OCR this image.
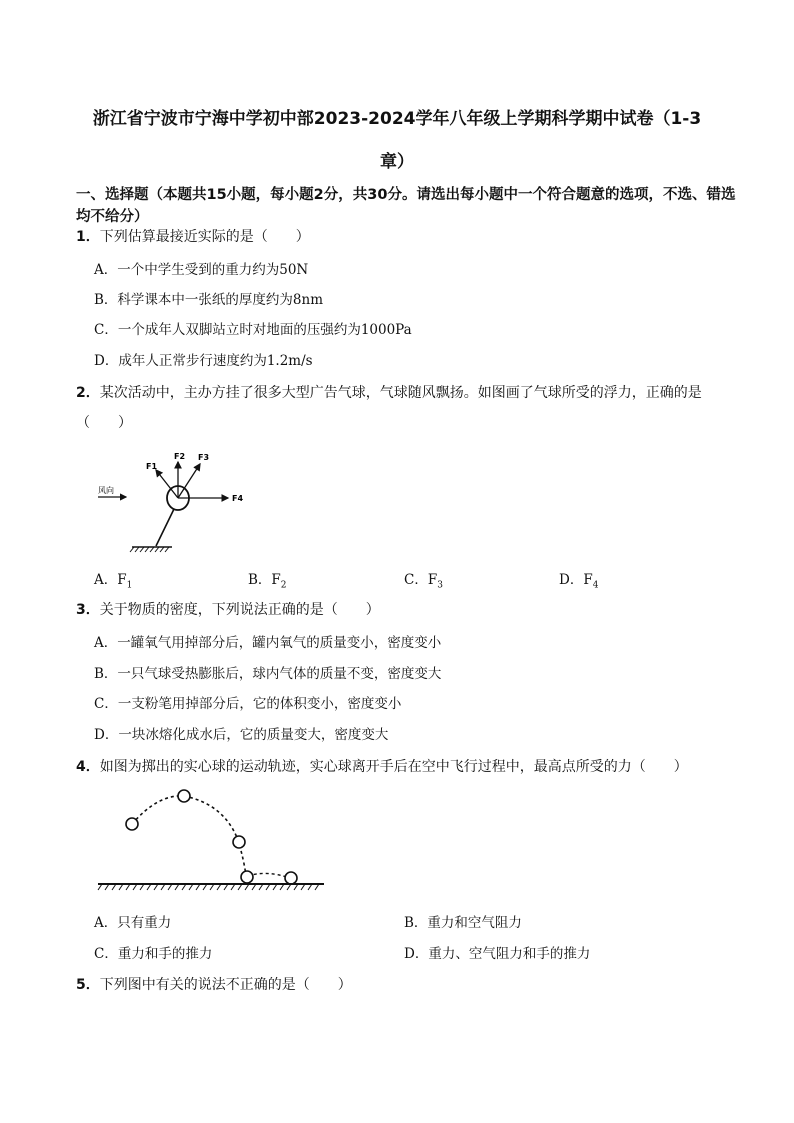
浙江省宁波市宁海中学初中部2023-2024学年八年级上学期科学期中试卷（1-3
章）
一、选择题（本题共15小题，每小题2分，共30分。请选出每小题中一个符合题意的选项，不选、错选均不给分）
1．下列估算最接近实际的是（　　）
A．一个中学生受到的重力约为50N
B．科学课本中一张纸的厚度约为8nm
C．一个成年人双脚站立时对地面的压强约为1000Pa
D．成年人正常步行速度约为1.2m/s
2．某次活动中，主办方挂了很多大型广告气球，气球随风飘扬。如图画了气球所受的浮力，正确的是（　　）
风向
F1
F2 F3
F4
A．$F_1$	B．$F_2$	C．$F_3$	D．$F_4$
3．关于物质的密度，下列说法正确的是（　　）
A．一罐氧气用掉部分后，罐内氧气的质量变小，密度变小
B．一只气球受热膨胀后，球内气体的质量不变，密度变大
C．一支粉笔用掉部分后，它的体积变小，密度变小
D．一块冰熔化成水后，它的质量变大，密度变大
4．如图为掷出的实心球的运动轨迹，实心球离开手后在空中飞行过程中，最高点所受的力（　　）
A．只有重力	B．重力和空气阻力
C．重力和手的推力	D．重力、空气阻力和手的推力
5．下列图中有关的说法不正确的是（　　）
